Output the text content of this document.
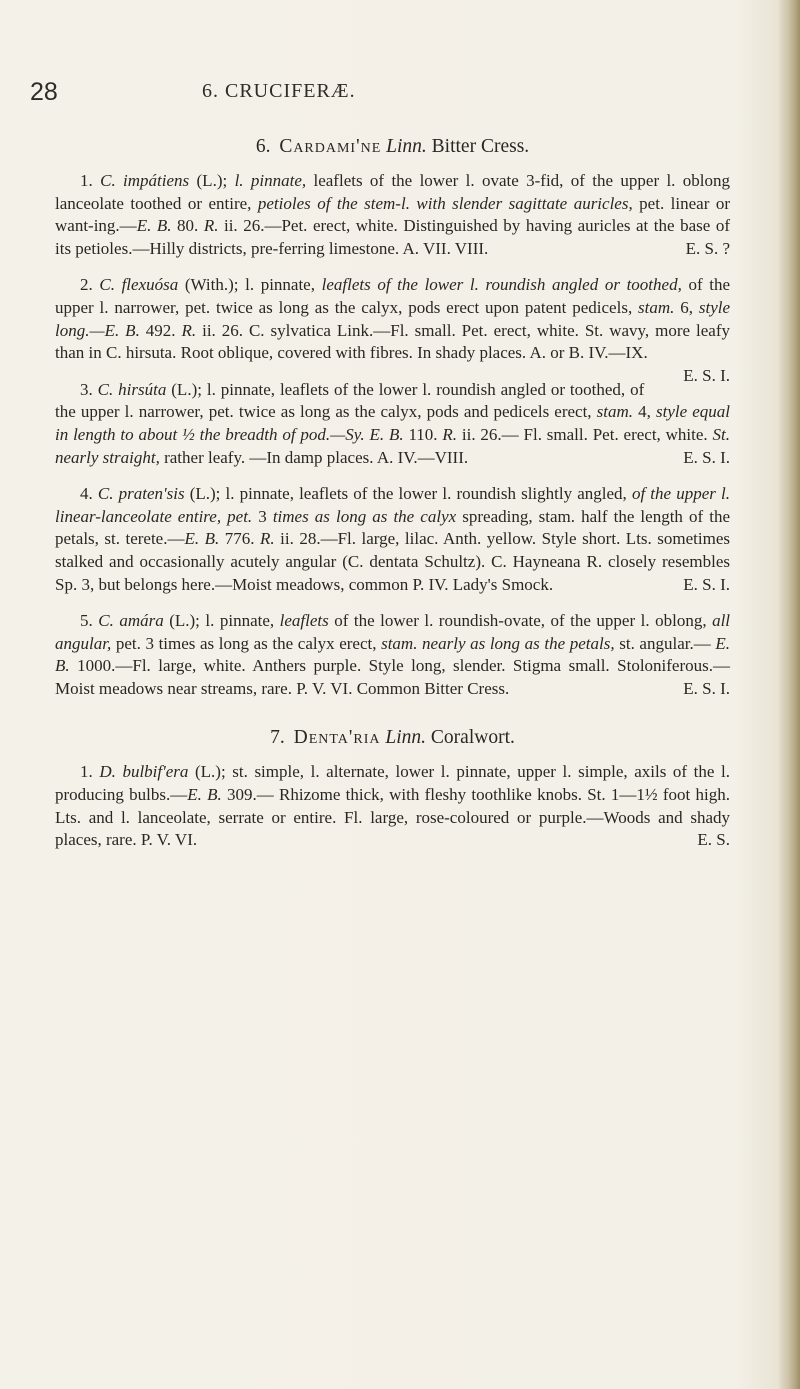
28	6. CRUCIFERÆ.
6. Cardami'ne Linn. Bitter Cress.

1. C. impátiens (L.); l. pinnate, leaflets of the lower l. ovate 3-fid, of the upper l. oblong lanceolate toothed or entire, petioles of the stem-l. with slender sagittate auricles, pet. linear or want-ing.—E. B. 80. R. ii. 26.—Pet. erect, white. Distinguished by having auricles at the base of its petioles.—Hilly districts, pre-ferring limestone. A. VII. VIII.	E. S. ?

2. C. flexuósa (With.); l. pinnate, leaflets of the lower l. roundish angled or toothed, of the upper l. narrower, pet. twice as long as the calyx, pods erect upon patent pedicels, stam. 6, style long.—E. B. 492. R. ii. 26. C. sylvatica Link.—Fl. small. Pet. erect, white. St. wavy, more leafy than in C. hirsuta. Root oblique, covered with fibres. In shady places. A. or B. IV.—IX.
E. S. I.

3. C. hirsúta (L.); l. pinnate, leaflets of the lower l. roundish angled or toothed, of the upper l. narrower, pet. twice as long as the calyx, pods and pedicels erect, stam. 4, style equal in length to about ½ the breadth of pod.—Sy. E. B. 110. R. ii. 26.— Fl. small. Pet. erect, white. St. nearly straight, rather leafy. —In damp places. A. IV.—VIII.	E. S. I.

4. C. praten'sis (L.); l. pinnate, leaflets of the lower l. roundish slightly angled, of the upper l. linear-lanceolate entire, pet. 3 times as long as the calyx spreading, stam. half the length of the petals, st. terete.—E. B. 776. R. ii. 28.—Fl. large, lilac. Anth. yellow. Style short. Lts. sometimes stalked and occasionally acutely angular (C. dentata Schultz). C. Hayneana R. closely resembles Sp. 3, but belongs here.—Moist meadows, common P. IV. Lady's Smock.	E. S. I.

5. C. amára (L.); l. pinnate, leaflets of the lower l. roundish-ovate, of the upper l. oblong, all angular, pet. 3 times as long as the calyx erect, stam. nearly as long as the petals, st. angular.— E. B. 1000.—Fl. large, white. Anthers purple. Style long, slender. Stigma small. Stoloniferous.—Moist meadows near streams, rare. P. V. VI. Common Bitter Cress.	E. S. I.

7. Denta'ria Linn. Coralwort.

1. D. bulbif'era (L.); st. simple, l. alternate, lower l. pinnate, upper l. simple, axils of the l. producing bulbs.—E. B. 309.— Rhizome thick, with fleshy toothlike knobs. St. 1—1½ foot high. Lts. and l. lanceolate, serrate or entire. Fl. large, rose-coloured or purple.—Woods and shady places, rare. P. V. VI.	E. S.
